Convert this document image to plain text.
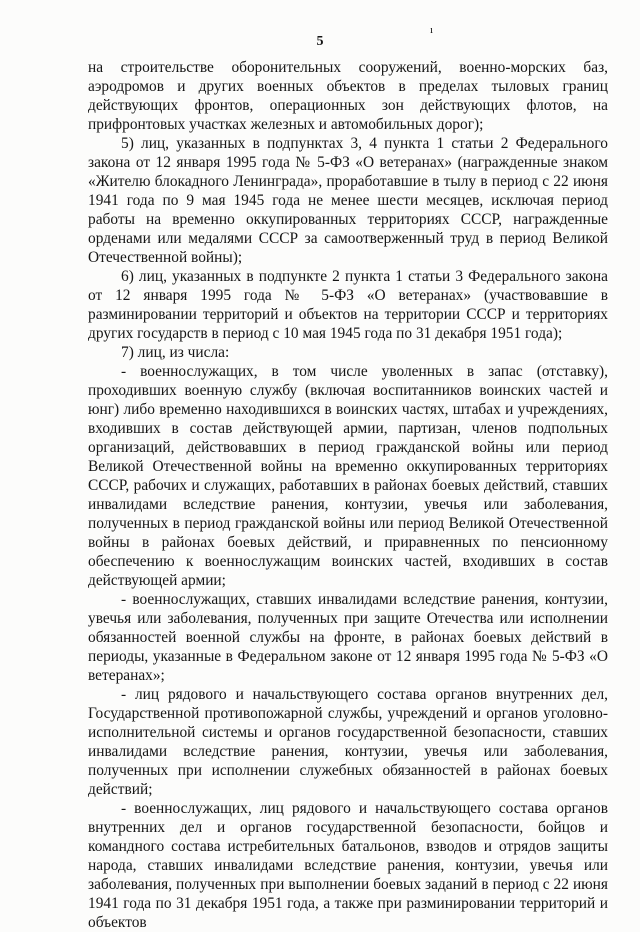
5
ı

на строительстве оборонительных сооружений, военно-морских баз, аэродромов и других военных объектов в пределах тыловых границ действующих фронтов, операционных зон действующих флотов, на прифронтовых участках железных и автомобильных дорог);

5) лиц, указанных в подпунктах 3, 4 пункта 1 статьи 2 Федерального закона от 12 января 1995 года № 5-ФЗ «О ветеранах» (награжденные знаком «Жителю блокадного Ленинграда», проработавшие в тылу в период с 22 июня 1941 года по 9 мая 1945 года не менее шести месяцев, исключая период работы на временно оккупированных территориях СССР, награжденные орденами или медалями СССР за самоотверженный труд в период Великой Отечественной войны);

6) лиц, указанных в подпункте 2 пункта 1 статьи 3 Федерального закона от 12 января 1995 года № 5-ФЗ «О ветеранах» (участвовавшие в разминировании территорий и объектов на территории СССР и территориях других государств в период с 10 мая 1945 года по 31 декабря 1951 года);

7) лиц, из числа:

- военнослужащих, в том числе уволенных в запас (отставку), проходивших военную службу (включая воспитанников воинских частей и юнг) либо временно находившихся в воинских частях, штабах и учреждениях, входивших в состав действующей армии, партизан, членов подпольных организаций, действовавших в период гражданской войны или период Великой Отечественной войны на временно оккупированных территориях СССР, рабочих и служащих, работавших в районах боевых действий, ставших инвалидами вследствие ранения, контузии, увечья или заболевания, полученных в период гражданской войны или период Великой Отечественной войны в районах боевых действий, и приравненных по пенсионному обеспечению к военнослужащим воинских частей, входивших в состав действующей армии;

- военнослужащих, ставших инвалидами вследствие ранения, контузии, увечья или заболевания, полученных при защите Отечества или исполнении обязанностей военной службы на фронте, в районах боевых действий в периоды, указанные в Федеральном законе от 12 января 1995 года № 5-ФЗ «О ветеранах»;

- лиц рядового и начальствующего состава органов внутренних дел, Государственной противопожарной службы, учреждений и органов уголовно-исполнительной системы и органов государственной безопасности, ставших инвалидами вследствие ранения, контузии, увечья или заболевания, полученных при исполнении служебных обязанностей в районах боевых действий;

- военнослужащих, лиц рядового и начальствующего состава органов внутренних дел и органов государственной безопасности, бойцов и командного состава истребительных батальонов, взводов и отрядов защиты народа, ставших инвалидами вследствие ранения, контузии, увечья или заболевания, полученных при выполнении боевых заданий в период с 22 июня 1941 года по 31 декабря 1951 года, а также при разминировании территорий и объектов
